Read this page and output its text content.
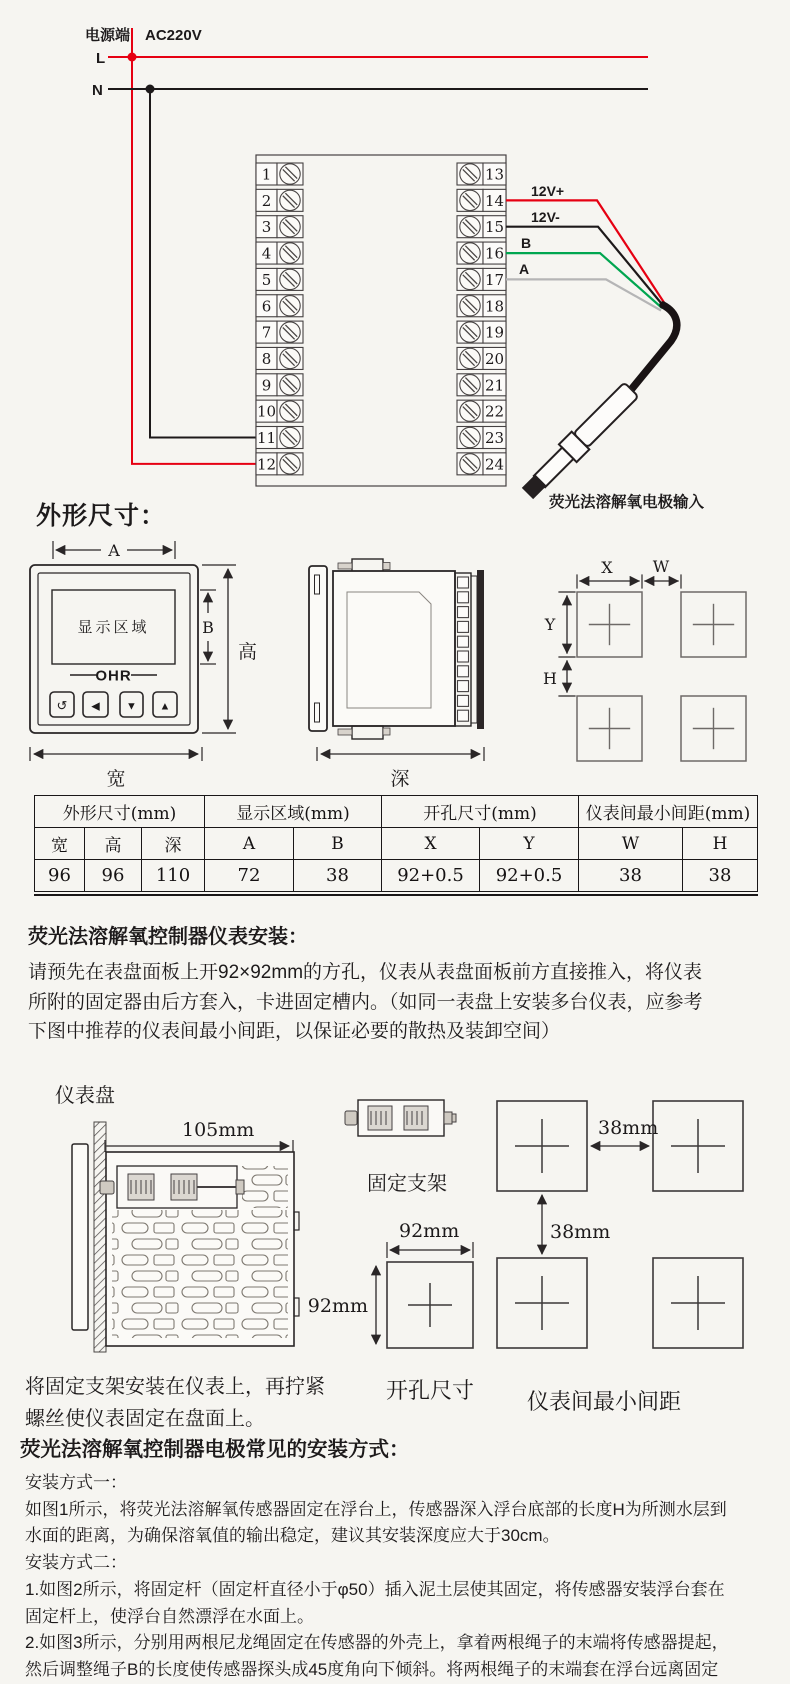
电源端 AC220V
L
N
1	13
2	14
3	15
4	16
5	17
6	18
7	19
8	20
9	21
10	22
11	23
12	24
12V+
12V-
B
A
荧光法溶解氧电极输入
外形尺寸：
A
显示区域
OHR
↺ ◀ ▼ ▲
B
高
宽	深
X	W
Y
H
外形尺寸(mm)			显示区域(mm)		开孔尺寸(mm)		仪表间最小间距(mm)	
宽	高	深	A	B	X	Y	W	H
96	96	110	72	38	92+0.5	92+0.5	38	38
荧光法溶解氧控制器仪表安装：
请预先在表盘面板上开92×92mm的方孔，仪表从表盘面板前方直接推入，将仪表
所附的固定器由后方套入，卡进固定槽内。（如同一表盘上安装多台仪表，应参考
下图中推荐的仪表间最小间距，以保证必要的散热及装卸空间）
仪表盘
105mm
固定支架
92mm
92mm
开孔尺寸
38mm
38mm
仪表间最小间距
将固定支架安装在仪表上，再拧紧
螺丝使仪表固定在盘面上。
荧光法溶解氧控制器电极常见的安装方式：
安装方式一：
如图1所示，将荧光法溶解氧传感器固定在浮台上，传感器深入浮台底部的长度H为所测水层到
水面的距离，为确保溶氧值的输出稳定，建议其安装深度应大于30cm。
安装方式二：
1.如图2所示，将固定杆（固定杆直径小于φ50）插入泥土层使其固定，将传感器安装浮台套在
固定杆上，使浮台自然漂浮在水面上。
2.如图3所示，分别用两根尼龙绳固定在传感器的外壳上，拿着两根绳子的末端将传感器提起，
然后调整绳子B的长度使传感器探头成45度角向下倾斜。将两根绳子的末端套在浮台远离固定
